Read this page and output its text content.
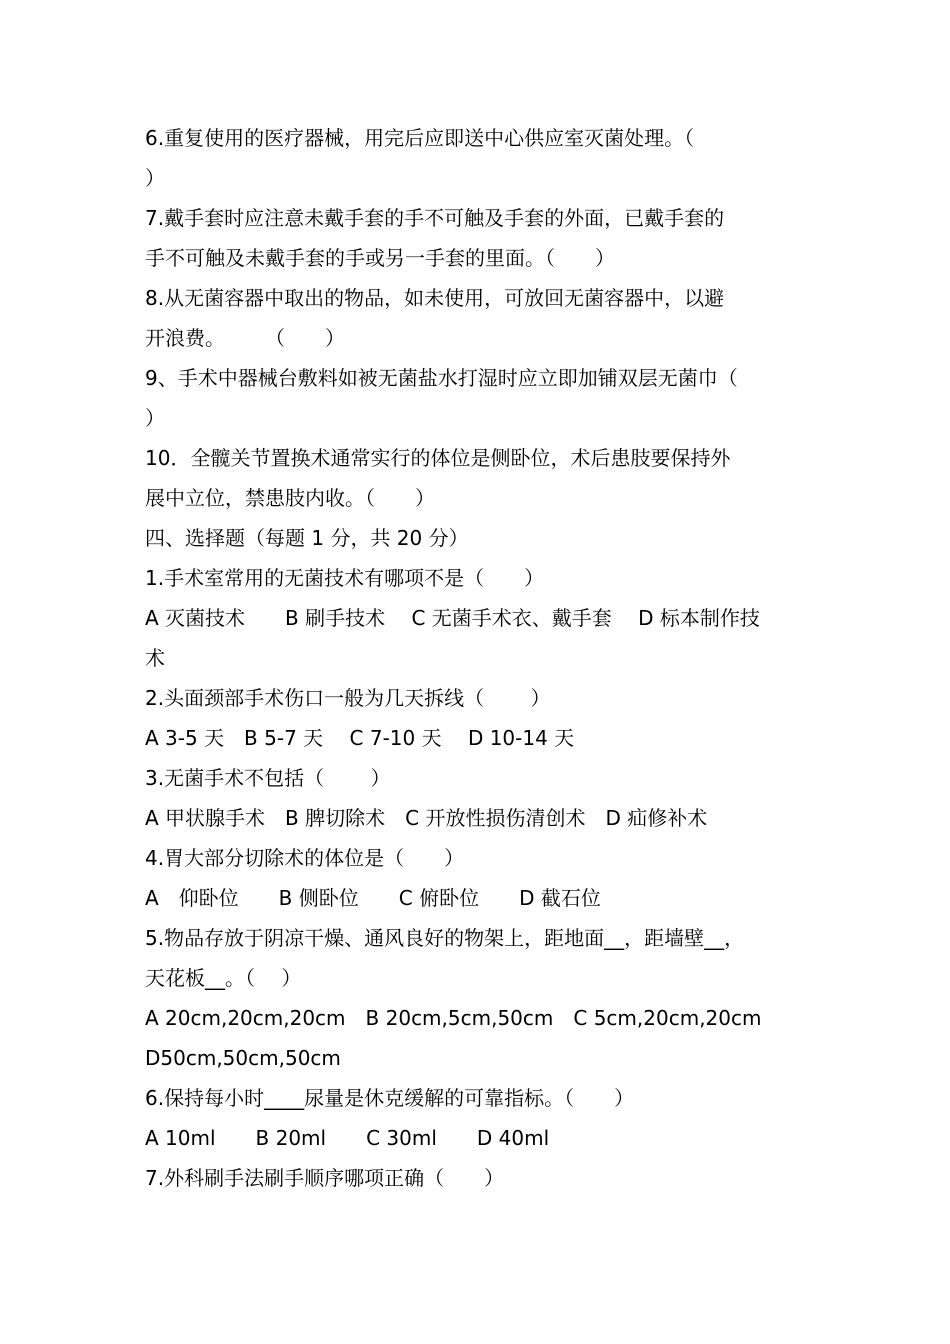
6.重复使用的医疗器械，用完后应即送中心供应室灭菌处理。（
）
7.戴手套时应注意未戴手套的手不可触及手套的外面，已戴手套的
手不可触及未戴手套的手或另一手套的里面。（　　）
8.从无菌容器中取出的物品，如未使用，可放回无菌容器中，以避
开浪费。　　　（　　）
9、手术中器械台敷料如被无菌盐水打湿时应立即加铺双层无菌巾（
）
10．全髋关节置换术通常实行的体位是侧卧位，术后患肢要保持外
展中立位，禁患肢内收。（　　）
四、选择题（每题 1 分，共 20 分）
1.手术室常用的无菌技术有哪项不是（　　）
A 灭菌技术　　B 刷手技术　 C 无菌手术衣、戴手套　 D 标本制作技
术
2.头面颈部手术伤口一般为几天拆线（　　 ）
A 3-5 天　B 5-7 天　 C 7-10 天　 D 10-14 天
3.无菌手术不包括（　　 ）
A 甲状腺手术　B 脾切除术　C 开放性损伤清创术　D 疝修补术
4.胃大部分切除术的体位是（　　）
A　仰卧位　　B 侧卧位　　C 俯卧位　　D 截石位
5.物品存放于阴凉干燥、通风良好的物架上，距地面__，距墙壁__，
天花板__。（　 ）
A 20cm,20cm,20cm　B 20cm,5cm,50cm　C 5cm,20cm,20cm
D50cm,50cm,50cm
6.保持每小时____尿量是休克缓解的可靠指标。（　　）
A 10ml　　B 20ml　　C 30ml　　D 40ml
7.外科刷手法刷手顺序哪项正确（　　）
